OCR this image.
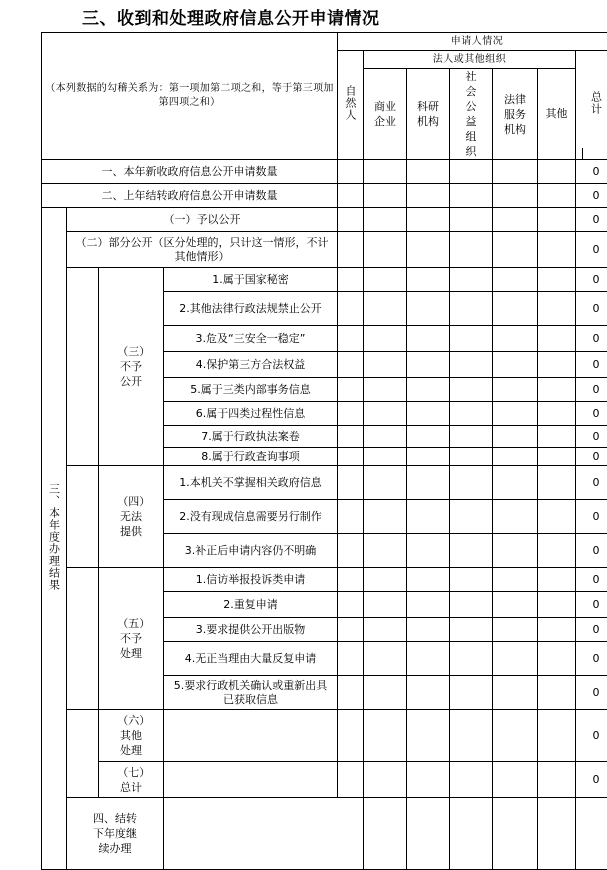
三、收到和处理政府信息公开申请情况
（本列数据的勾稽关系为：第一项加第二项之和，等于第三项加第四项之和）				申请人情况							
				自然人	法人或其他组织					总计	
					商业企业	科研机构	社会公益组织	法律服务机构	其他		
一、本年新收政府信息公开申请数量										0	
二、上年结转政府信息公开申请数量										0	
三、本年度办理结果	（一）予以公开									0	
	（二）部分公开（区分处理的，只计这一情形，不计其他情形）									0	
		（三）不予公开	1.属于国家秘密							0	
			2.其他法律行政法规禁止公开							0	
			3.危及“三安全一稳定”							0	
			4.保护第三方合法权益							0	
			5.属于三类内部事务信息							0	
			6.属于四类过程性信息							0	
			7.属于行政执法案卷							0	
			8.属于行政查询事项							0	
		（四）无法提供	1.本机关不掌握相关政府信息							0	
			2.没有现成信息需要另行制作							0	
			3.补正后申请内容仍不明确							0	
		（五）不予处理	1.信访举报投诉类申请							0	
			2.重复申请							0	
			3.要求提供公开出版物							0	
			4.无正当理由大量反复申请							0	
			5.要求行政机关确认或重新出具已获取信息							0	
		（六）其他处理								0	
		（七）总计								0	
	四、结转下年度继续办理								
